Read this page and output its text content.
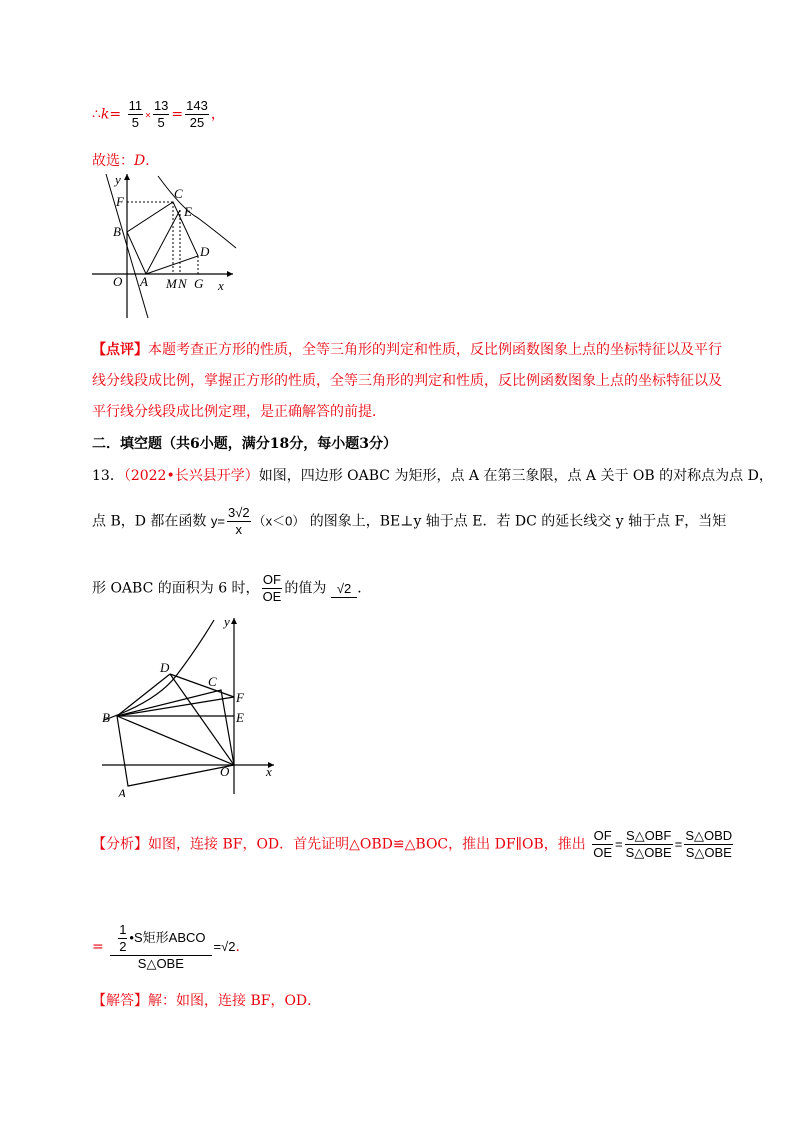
∴k= $\frac{11}{5} \times \frac{13}{5} = \frac{143}{25}$ ，
故选：D．
y
x
O A
B
C
D
E
F
M N G
【点评】本题考查正方形的性质，全等三角形的判定和性质，反比例函数图象上点的坐标特征以及平行
线分线段成比例，掌握正方形的性质，全等三角形的判定和性质，反比例函数图象上点的坐标特征以及
平行线分线段成比例定理，是正确解答的前提．
二．填空题（共6小题，满分18分，每小题3分）
13．（2022•长兴县开学）如图，四边形 OABC 为矩形，点 A 在第三象限，点 A 关于 OB 的对称点为点 D，
点 B，D 都在函数 $y= \frac{3√2}{x} (x<0)$ 的图象上，BE⊥y 轴于点 E．若 DC 的延长线交 y 轴于点 F，当矩
形 OABC 的面积为 6 时， $\frac{OF}{OE}$ 的值为 √2 ．
y
x
O
A
B
C
D
E
F
【分析】如图，连接 BF，OD．首先证明△OBD≌△BOC，推出 DF∥OB，推出 $\frac{OF}{OE} = \frac{\text{S△OBF}}{\text{S△OBE}} = \frac{\text{S△OBD}}{\text{S△OBE}}$
= $\frac{\frac{1}{2} •S矩形ABCO}{\text{S△OBE}} =√2$．
【解答】解：如图，连接 BF，OD．
